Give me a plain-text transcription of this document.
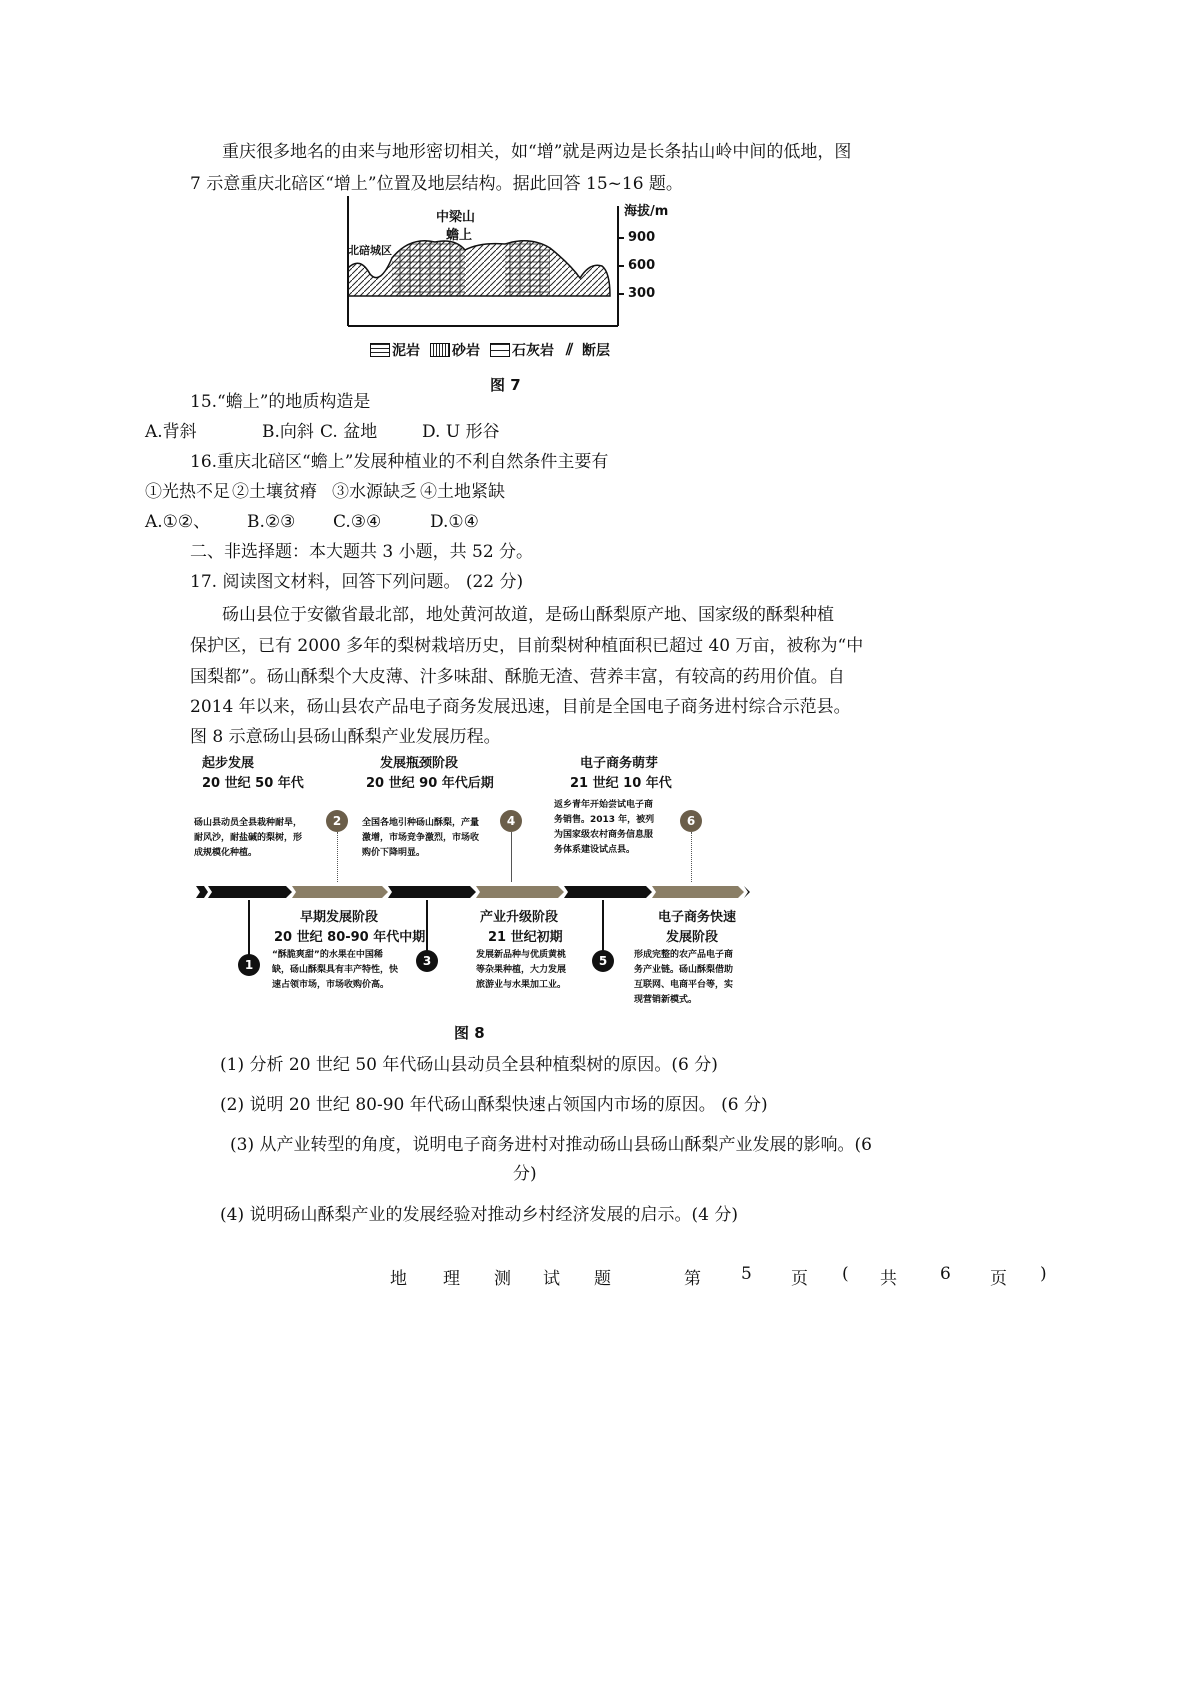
重庆很多地名的由来与地形密切相关，如“增”就是两边是长条拈山岭中间的低地，图
7 示意重庆北碚区“增上”位置及地层结构。据此回答 15~16 题。
中梁山
蟾上
北碚城区
海拔/m
900
600
300
泥岩 砂岩 石灰岩 ⫽ 断层
图 7
15.“蟾上”的地质构造是
A.背斜	B.向斜 C. 盆地	D. U 形谷
16.重庆北碚区“蟾上”发展种植业的不利自然条件主要有
①光热不足 ②土壤贫瘠 ③水源缺乏 ④土地紧缺
A.①②、 B.②③ C.③④	D.①④
二、非选择题：本大题共 3 小题，共 52 分。
17. 阅读图文材料，回答下列问题。 (22 分)
砀山县位于安徽省最北部，地处黄河故道，是砀山酥梨原产地、国家级的酥梨种植
保护区，已有 2000 多年的梨树栽培历史，目前梨树种植面积已超过 40 万亩，被称为“中
国梨都”。砀山酥梨个大皮薄、汁多味甜、酥脆无渣、营养丰富，有较高的药用价值。自
2014 年以来，砀山县农产品电子商务发展迅速，目前是全国电子商务进村综合示范县。
图 8 示意砀山县砀山酥梨产业发展历程。
起步发展
20 世纪 50 年代
砀山县动员全县栽种耐旱，耐风沙，耐盐碱的梨树，形成规模化种植。
发展瓶颈阶段
20 世纪 90 年代后期
全国各地引种砀山酥梨，产量激增，市场竞争激烈，市场收购价下降明显。
电子商务萌芽
21 世纪 10 年代
返乡青年开始尝试电子商务销售。2013 年，被列为国家级农村商务信息服务体系建设试点县。
2	4	6
1	3	5
早期发展阶段
20 世纪 80-90 年代中期
“酥脆爽甜”的水果在中国稀缺，砀山酥梨具有丰产特性，快速占领市场，市场收购价高。
产业升级阶段
21 世纪初期
发展新品种与优质黄桃等杂果种植，大力发展旅游业与水果加工业。
电子商务快速
发展阶段
形成完整的农产品电子商务产业链。砀山酥梨借助互联网、电商平台等，实现营销新模式。
图 8
(1) 分析 20 世纪 50 年代砀山县动员全县种植梨树的原因。(6 分)
(2) 说明 20 世纪 80-90 年代砀山酥梨快速占领国内市场的原因。 (6 分)
(3) 从产业转型的角度，说明电子商务进村对推动砀山县砀山酥梨产业发展的影响。(6
分)
(4) 说明砀山酥梨产业的发展经验对推动乡村经济发展的启示。(4 分)
地 理 测 试 题	第 5 页 ( 共	6 页 )
